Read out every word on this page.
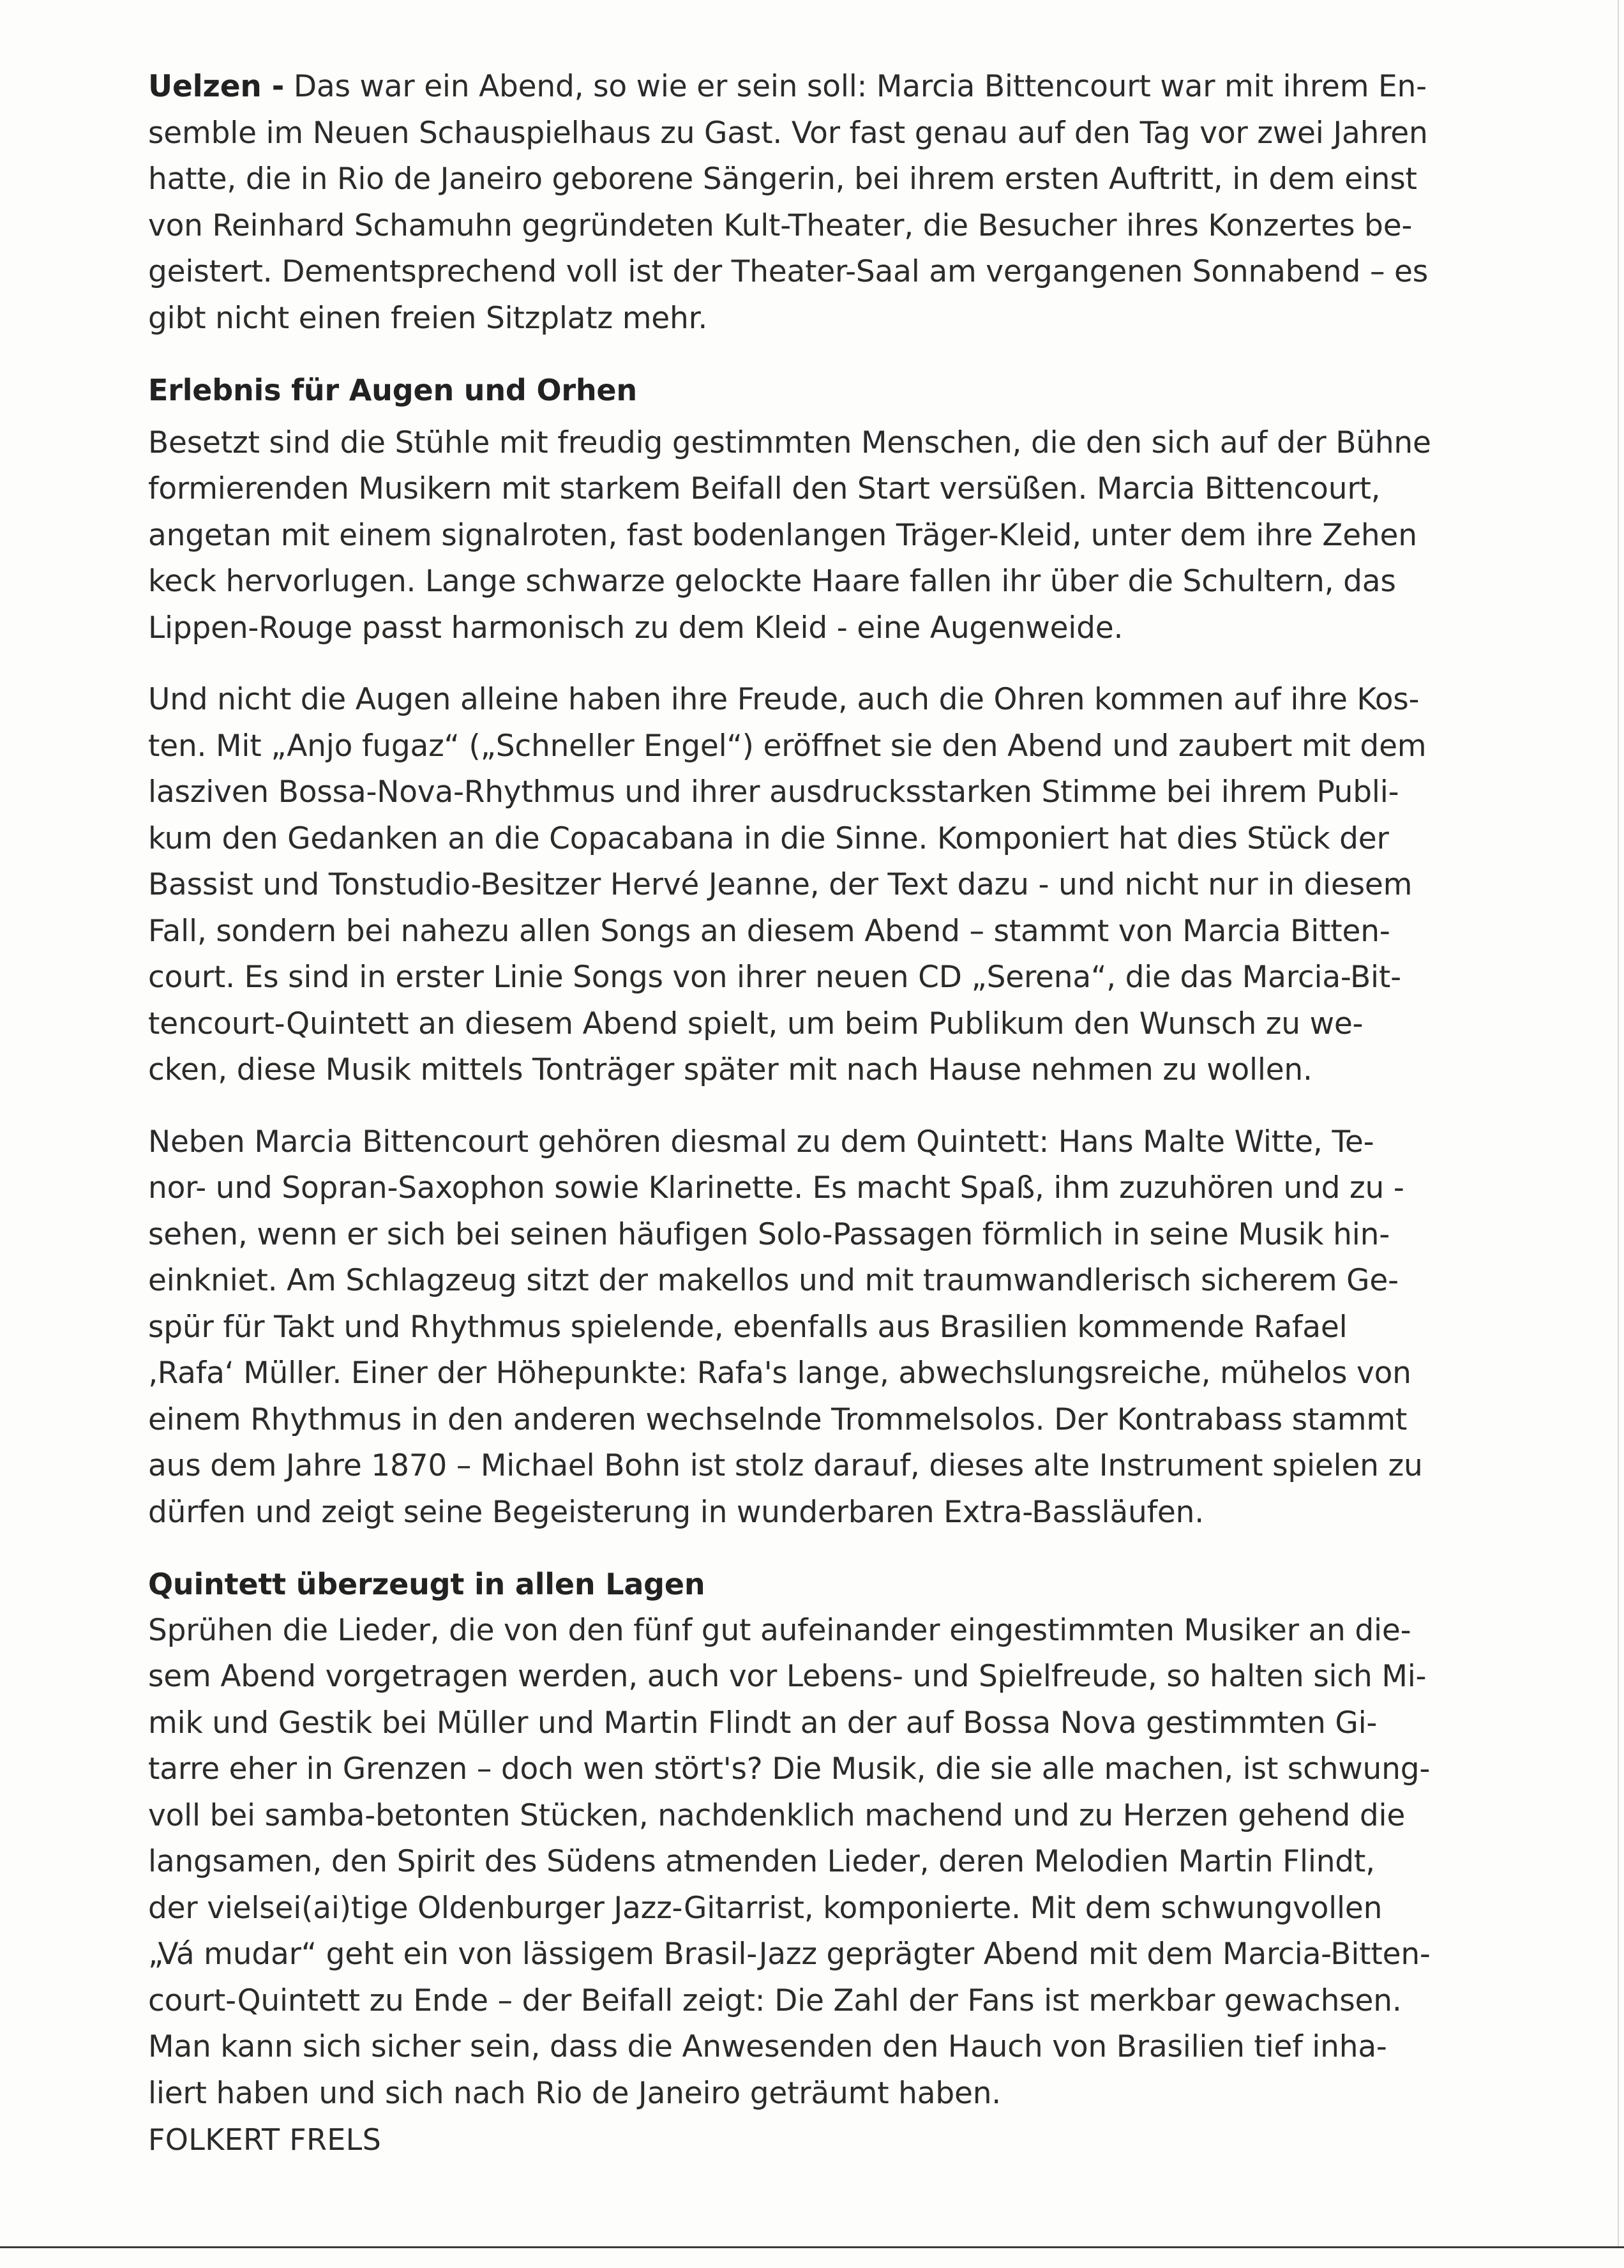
Uelzen - Das war ein Abend, so wie er sein soll: Marcia Bittencourt war mit ihrem En-
semble im Neuen Schauspielhaus zu Gast. Vor fast genau auf den Tag vor zwei Jahren
hatte, die in Rio de Janeiro geborene Sängerin, bei ihrem ersten Auftritt, in dem einst
von Reinhard Schamuhn gegründeten Kult-Theater, die Besucher ihres Konzertes be-
geistert. Dementsprechend voll ist der Theater-Saal am vergangenen Sonnabend – es
gibt nicht einen freien Sitzplatz mehr.

Erlebnis für Augen und Orhen

Besetzt sind die Stühle mit freudig gestimmten Menschen, die den sich auf der Bühne
formierenden Musikern mit starkem Beifall den Start versüßen. Marcia Bittencourt,
angetan mit einem signalroten, fast bodenlangen Träger-Kleid, unter dem ihre Zehen
keck hervorlugen. Lange schwarze gelockte Haare fallen ihr über die Schultern, das
Lippen-Rouge passt harmonisch zu dem Kleid - eine Augenweide.

Und nicht die Augen alleine haben ihre Freude, auch die Ohren kommen auf ihre Kos-
ten. Mit „Anjo fugaz“ („Schneller Engel“) eröffnet sie den Abend und zaubert mit dem
lasziven Bossa-Nova-Rhythmus und ihrer ausdrucksstarken Stimme bei ihrem Publi-
kum den Gedanken an die Copacabana in die Sinne. Komponiert hat dies Stück der
Bassist und Tonstudio-Besitzer Hervé Jeanne, der Text dazu - und nicht nur in diesem
Fall, sondern bei nahezu allen Songs an diesem Abend – stammt von Marcia Bitten-
court. Es sind in erster Linie Songs von ihrer neuen CD „Serena“, die das Marcia-Bit-
tencourt-Quintett an diesem Abend spielt, um beim Publikum den Wunsch zu we-
cken, diese Musik mittels Tonträger später mit nach Hause nehmen zu wollen.

Neben Marcia Bittencourt gehören diesmal zu dem Quintett: Hans Malte Witte, Te-
nor- und Sopran-Saxophon sowie Klarinette. Es macht Spaß, ihm zuzuhören und zu -
sehen, wenn er sich bei seinen häufigen Solo-Passagen förmlich in seine Musik hin-
einkniet. Am Schlagzeug sitzt der makellos und mit traumwandlerisch sicherem Ge-
spür für Takt und Rhythmus spielende, ebenfalls aus Brasilien kommende Rafael
‚Rafa‘ Müller. Einer der Höhepunkte: Rafa's lange, abwechslungsreiche, mühelos von
einem Rhythmus in den anderen wechselnde Trommelsolos. Der Kontrabass stammt
aus dem Jahre 1870 – Michael Bohn ist stolz darauf, dieses alte Instrument spielen zu
dürfen und zeigt seine Begeisterung in wunderbaren Extra-Bassläufen.

Quintett überzeugt in allen Lagen

Sprühen die Lieder, die von den fünf gut aufeinander eingestimmten Musiker an die-
sem Abend vorgetragen werden, auch vor Lebens- und Spielfreude, so halten sich Mi-
mik und Gestik bei Müller und Martin Flindt an der auf Bossa Nova gestimmten Gi-
tarre eher in Grenzen – doch wen stört's? Die Musik, die sie alle machen, ist schwung-
voll bei samba-betonten Stücken, nachdenklich machend und zu Herzen gehend die
langsamen, den Spirit des Südens atmenden Lieder, deren Melodien Martin Flindt,
der vielsei(ai)tige Oldenburger Jazz-Gitarrist, komponierte. Mit dem schwungvollen
„Vá mudar“ geht ein von lässigem Brasil-Jazz geprägter Abend mit dem Marcia-Bitten-
court-Quintett zu Ende – der Beifall zeigt: Die Zahl der Fans ist merkbar gewachsen.
Man kann sich sicher sein, dass die Anwesenden den Hauch von Brasilien tief inha-
liert haben und sich nach Rio de Janeiro geträumt haben.

FOLKERT FRELS
